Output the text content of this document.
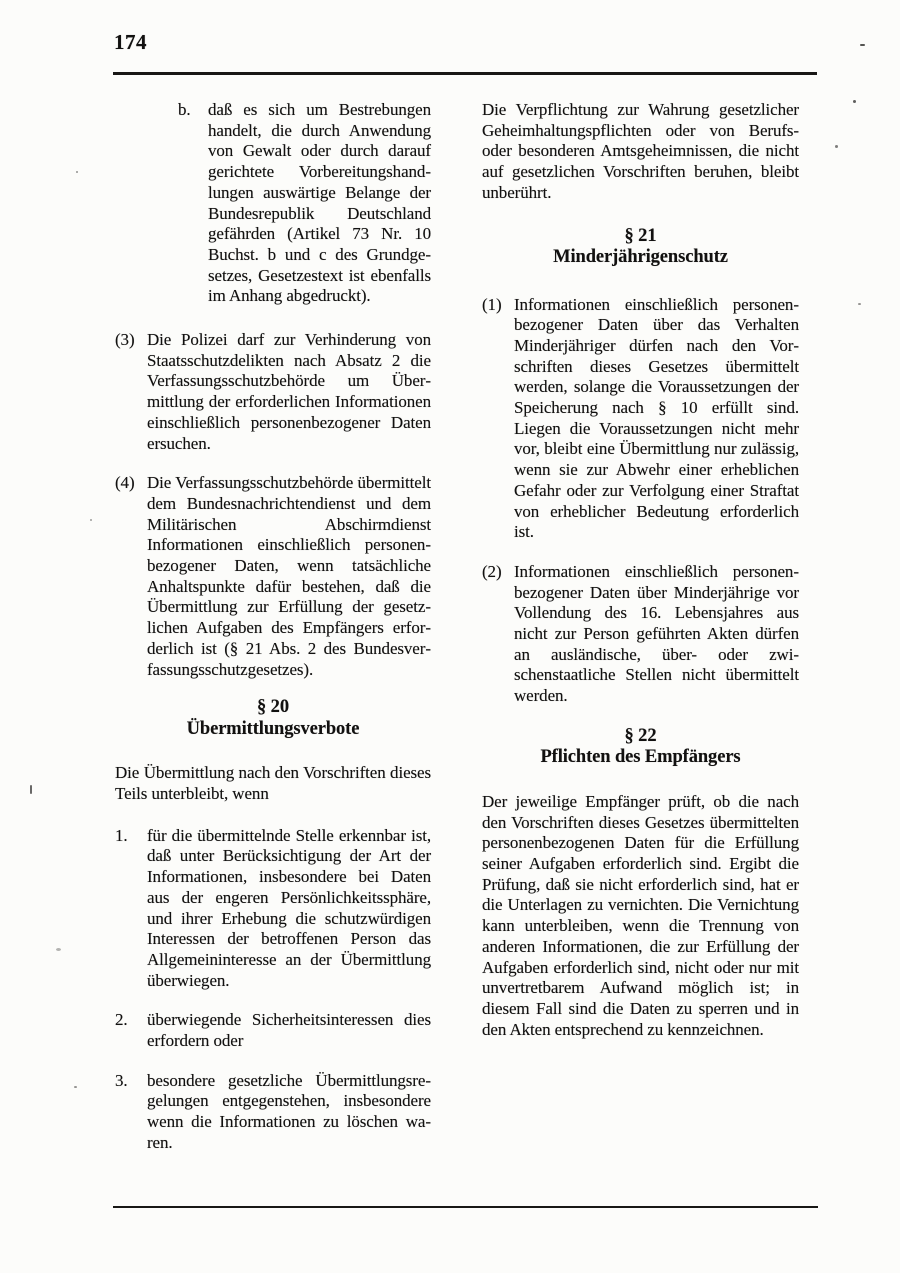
174
b.	daß es sich um Bestrebungen handelt, die durch Anwendung von Gewalt oder durch darauf gerichtete Vorbereitungshandlungen auswärtige Belange der Bundesrepublik Deutschland gefährden (Artikel 73 Nr. 10 Buchst. b und c des Grundgesetzes, Gesetzestext ist ebenfalls im Anhang abgedruckt).
(3) Die Polizei darf zur Verhinderung von Staatsschutzdelikten nach Absatz 2 die Verfassungsschutzbehörde um Übermittlung der erforderlichen Informationen einschließlich personenbezogener Daten ersuchen.
(4) Die Verfassungsschutzbehörde übermittelt dem Bundesnachrichtendienst und dem Militärischen Abschirmdienst Informationen einschließlich personenbezogener Daten, wenn tatsächliche Anhaltspunkte dafür bestehen, daß die Übermittlung zur Erfüllung der gesetzlichen Aufgaben des Empfängers erforderlich ist (§ 21 Abs. 2 des Bundesverfassungsschutzgesetzes).
§ 20
Übermittlungsverbote
Die Übermittlung nach den Vorschriften dieses Teils unterbleibt, wenn
1.	für die übermittelnde Stelle erkennbar ist, daß unter Berücksichtigung der Art der Informationen, insbesondere bei Daten aus der engeren Persönlichkeitssphäre, und ihrer Erhebung die schutzwürdigen Interessen der betroffenen Person das Allgemeininteresse an der Übermittlung überwiegen.
2.	überwiegende Sicherheitsinteressen dies erfordern oder
3.	besondere gesetzliche Übermittlungsregelungen entgegenstehen, insbesondere wenn die Informationen zu löschen waren.
Die Verpflichtung zur Wahrung gesetzlicher Geheimhaltungspflichten oder von Berufs- oder besonderen Amtsgeheimnissen, die nicht auf gesetzlichen Vorschriften beruhen, bleibt unberührt.
§ 21
Minderjährigenschutz
(1) Informationen einschließlich personenbezogener Daten über das Verhalten Minderjähriger dürfen nach den Vorschriften dieses Gesetzes übermittelt werden, solange die Voraussetzungen der Speicherung nach § 10 erfüllt sind. Liegen die Voraussetzungen nicht mehr vor, bleibt eine Übermittlung nur zulässig, wenn sie zur Abwehr einer erheblichen Gefahr oder zur Verfolgung einer Straftat von erheblicher Bedeutung erforderlich ist.
(2) Informationen einschließlich personenbezogener Daten über Minderjährige vor Vollendung des 16. Lebensjahres aus nicht zur Person geführten Akten dürfen an ausländische, über- oder zwischenstaatliche Stellen nicht übermittelt werden.
§ 22
Pflichten des Empfängers
Der jeweilige Empfänger prüft, ob die nach den Vorschriften dieses Gesetzes übermittelten personenbezogenen Daten für die Erfüllung seiner Aufgaben erforderlich sind. Ergibt die Prüfung, daß sie nicht erforderlich sind, hat er die Unterlagen zu vernichten. Die Vernichtung kann unterbleiben, wenn die Trennung von anderen Informationen, die zur Erfüllung der Aufgaben erforderlich sind, nicht oder nur mit unvertretbarem Aufwand möglich ist; in diesem Fall sind die Daten zu sperren und in den Akten entsprechend zu kennzeichnen.
